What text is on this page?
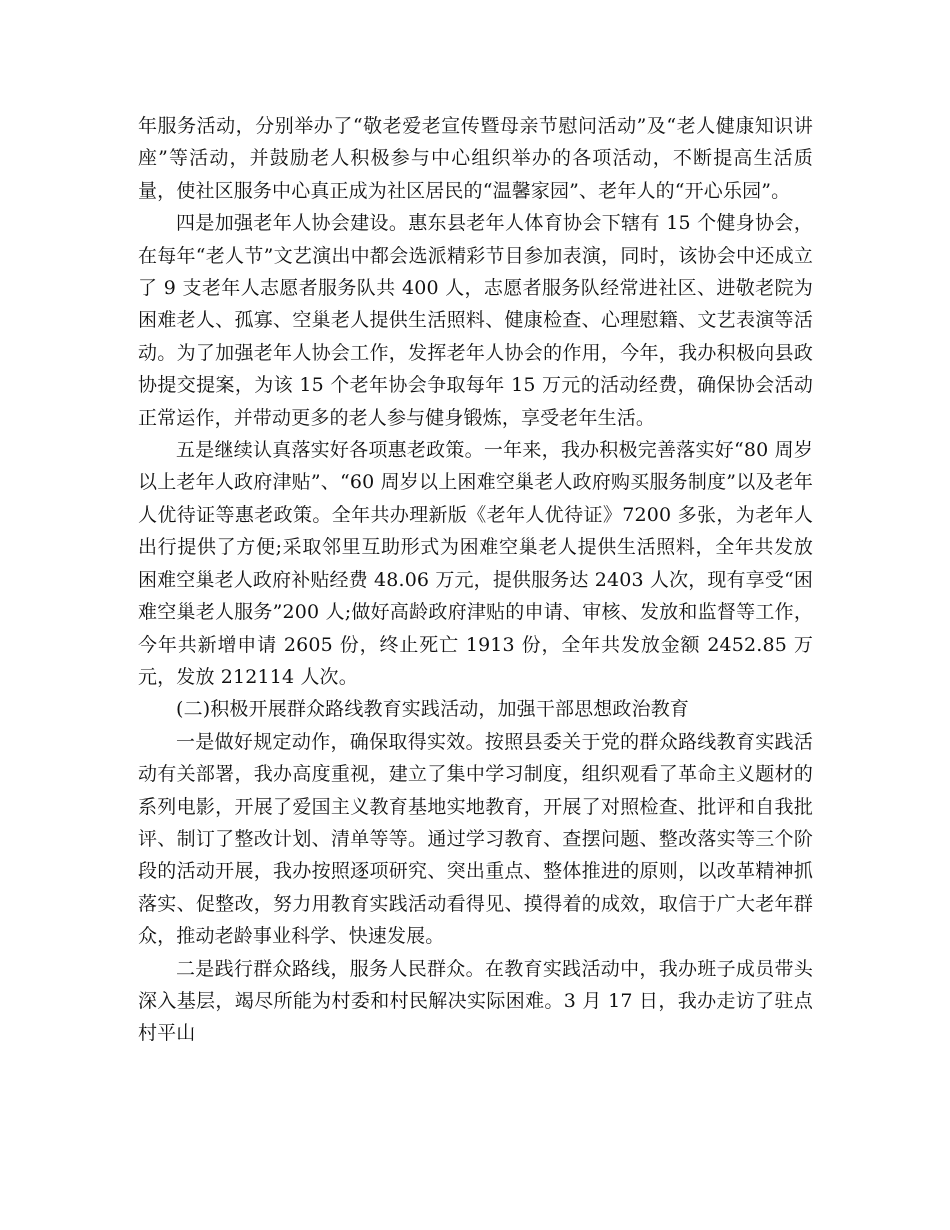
年服务活动，分别举办了“敬老爱老宣传暨母亲节慰问活动”及“老人健康知识讲座”等活动，并鼓励老人积极参与中心组织举办的各项活动，不断提高生活质量，使社区服务中心真正成为社区居民的“温馨家园”、老年人的“开心乐园”。

四是加强老年人协会建设。惠东县老年人体育协会下辖有 15 个健身协会，在每年“老人节”文艺演出中都会选派精彩节目参加表演，同时，该协会中还成立了 9 支老年人志愿者服务队共 400 人，志愿者服务队经常进社区、进敬老院为困难老人、孤寡、空巢老人提供生活照料、健康检查、心理慰籍、文艺表演等活动。为了加强老年人协会工作，发挥老年人协会的作用，今年，我办积极向县政协提交提案，为该 15 个老年协会争取每年 15 万元的活动经费，确保协会活动正常运作，并带动更多的老人参与健身锻炼，享受老年生活。

五是继续认真落实好各项惠老政策。一年来，我办积极完善落实好“80 周岁以上老年人政府津贴”、“60 周岁以上困难空巢老人政府购买服务制度”以及老年人优待证等惠老政策。全年共办理新版《老年人优待证》7200 多张，为老年人出行提供了方便;采取邻里互助形式为困难空巢老人提供生活照料，全年共发放困难空巢老人政府补贴经费 48.06 万元，提供服务达 2403 人次，现有享受“困难空巢老人服务”200 人;做好高龄政府津贴的申请、审核、发放和监督等工作，今年共新增申请 2605 份，终止死亡 1913 份，全年共发放金额 2452.85 万元，发放 212114 人次。

(二)积极开展群众路线教育实践活动，加强干部思想政治教育

一是做好规定动作，确保取得实效。按照县委关于党的群众路线教育实践活动有关部署，我办高度重视，建立了集中学习制度，组织观看了革命主义题材的系列电影，开展了爱国主义教育基地实地教育，开展了对照检查、批评和自我批评、制订了整改计划、清单等等。通过学习教育、查摆问题、整改落实等三个阶段的活动开展，我办按照逐项研究、突出重点、整体推进的原则，以改革精神抓落实、促整改，努力用教育实践活动看得见、摸得着的成效，取信于广大老年群众，推动老龄事业科学、快速发展。

二是践行群众路线，服务人民群众。在教育实践活动中，我办班子成员带头深入基层，竭尽所能为村委和村民解决实际困难。3 月 17 日，我办走访了驻点村平山
